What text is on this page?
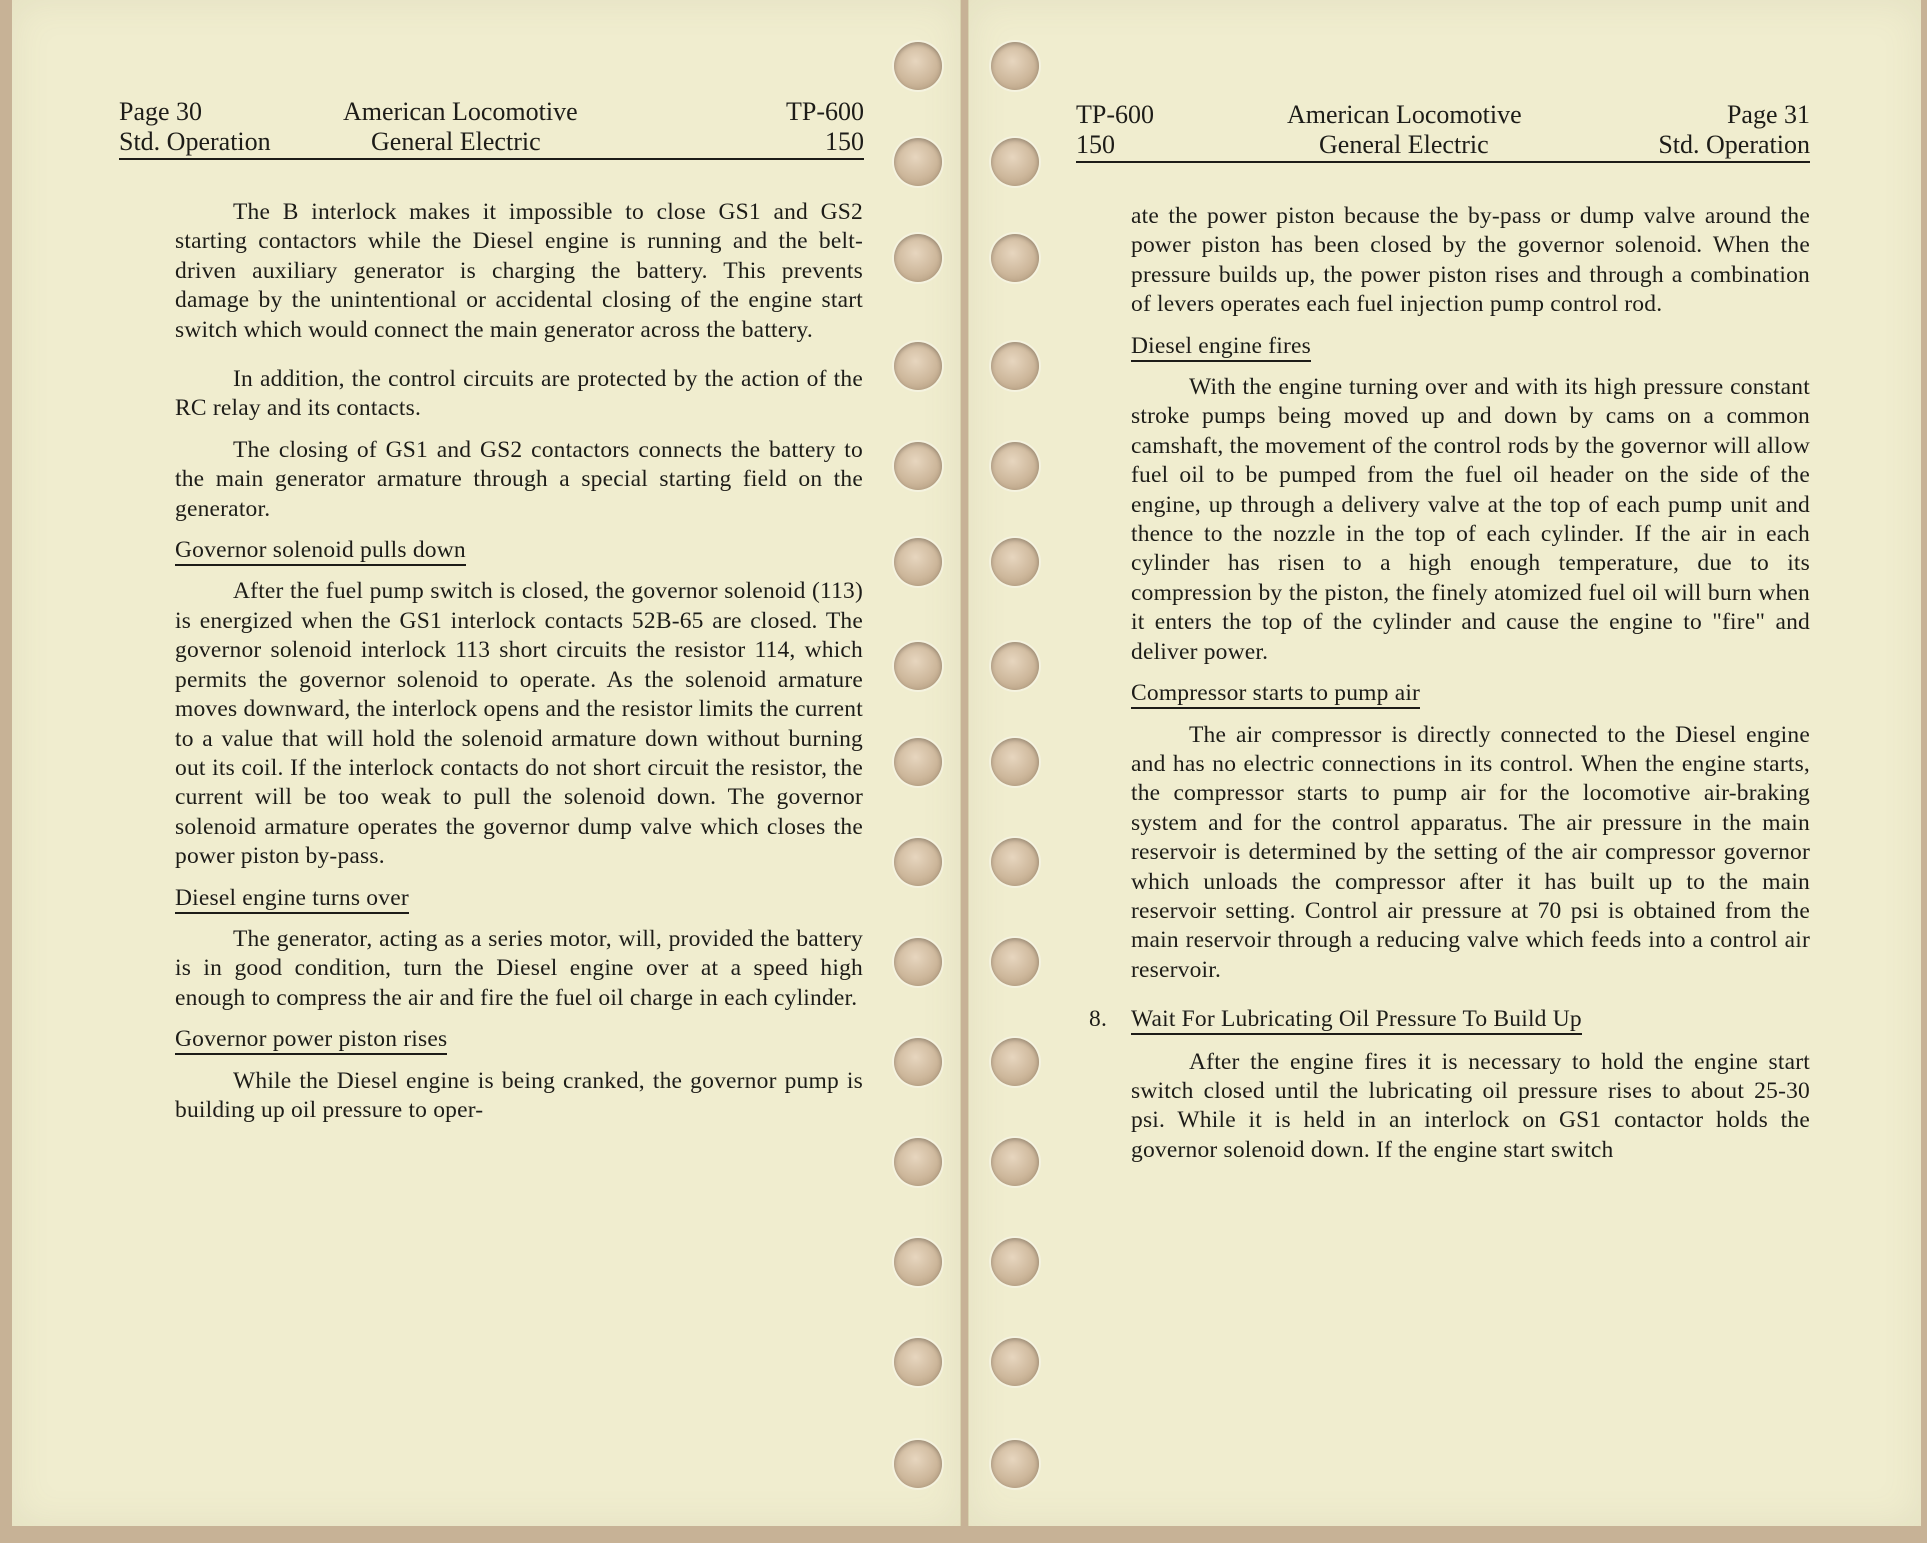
Page 30	American Locomotive	TP-600
Std. Operation	General Electric	150

The B interlock makes it impossible to close GS1 and GS2 starting contactors while the Diesel engine is running and the belt-driven auxiliary generator is charging the battery. This prevents damage by the unintentional or accidental closing of the engine start switch which would connect the main generator across the battery.

In addition, the control circuits are protected by the action of the RC relay and its contacts.

The closing of GS1 and GS2 contactors connects the battery to the main generator armature through a special starting field on the generator.

Governor solenoid pulls down

After the fuel pump switch is closed, the governor solenoid (113) is energized when the GS1 interlock contacts 52B-65 are closed. The governor solenoid interlock 113 short circuits the resistor 114, which permits the governor solenoid to operate. As the solenoid armature moves downward, the interlock opens and the resistor limits the current to a value that will hold the solenoid armature down without burning out its coil. If the interlock contacts do not short circuit the resistor, the current will be too weak to pull the solenoid down. The governor solenoid armature operates the governor dump valve which closes the power piston by-pass.

Diesel engine turns over

The generator, acting as a series motor, will, provided the battery is in good condition, turn the Diesel engine over at a speed high enough to compress the air and fire the fuel oil charge in each cylinder.

Governor power piston rises

While the Diesel engine is being cranked, the governor pump is building up oil pressure to oper-

TP-600	American Locomotive	Page 31
150	General Electric	Std. Operation

ate the power piston because the by-pass or dump valve around the power piston has been closed by the governor solenoid. When the pressure builds up, the power piston rises and through a combination of levers operates each fuel injection pump control rod.

Diesel engine fires

With the engine turning over and with its high pressure constant stroke pumps being moved up and down by cams on a common camshaft, the movement of the control rods by the governor will allow fuel oil to be pumped from the fuel oil header on the side of the engine, up through a delivery valve at the top of each pump unit and thence to the nozzle in the top of each cylinder. If the air in each cylinder has risen to a high enough temperature, due to its compression by the piston, the finely atomized fuel oil will burn when it enters the top of the cylinder and cause the engine to "fire" and deliver power.

Compressor starts to pump air

The air compressor is directly connected to the Diesel engine and has no electric connections in its control. When the engine starts, the compressor starts to pump air for the locomotive air-braking system and for the control apparatus. The air pressure in the main reservoir is determined by the setting of the air compressor governor which unloads the compressor after it has built up to the main reservoir setting. Control air pressure at 70 psi is obtained from the main reservoir through a reducing valve which feeds into a control air reservoir.

8. Wait For Lubricating Oil Pressure To Build Up

After the engine fires it is necessary to hold the engine start switch closed until the lubricating oil pressure rises to about 25-30 psi. While it is held in an interlock on GS1 contactor holds the governor solenoid down. If the engine start switch
